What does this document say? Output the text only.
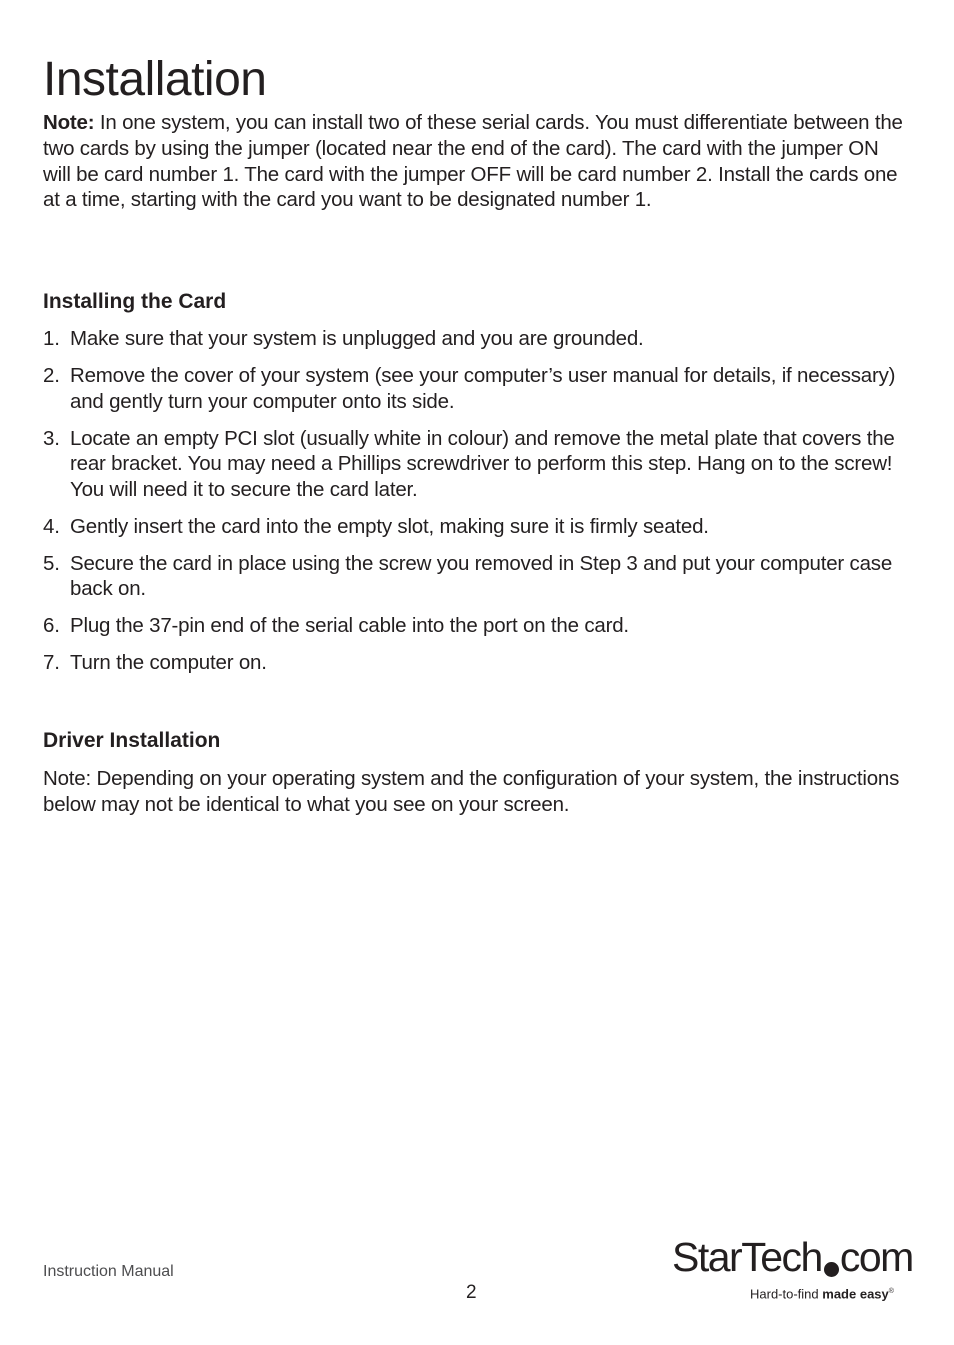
Installation

Note: In one system, you can install two of these serial cards. You must differentiate between the two cards by using the jumper (located near the end of the card). The card with the jumper ON will be card number 1. The card with the jumper OFF will be card number 2. Install the cards one at a time, starting with the card you want to be designated number 1.

Installing the Card
1. Make sure that your system is unplugged and you are grounded.
2. Remove the cover of your system (see your computer’s user manual for details, if necessary) and gently turn your computer onto its side.
3. Locate an empty PCI slot (usually white in colour) and remove the metal plate that covers the rear bracket. You may need a Phillips screwdriver to perform this step. Hang on to the screw! You will need it to secure the card later.
4. Gently insert the card into the empty slot, making sure it is firmly seated.
5. Secure the card in place using the screw you removed in Step 3 and put your computer case back on.
6. Plug the 37-pin end of the serial cable into the port on the card.
7. Turn the computer on.
Driver Installation

Note: Depending on your operating system and the configuration of your system, the instructions below may not be identical to what you see on your screen.

Instruction Manual
2
StarTech com
Hard-to-find made easy®
